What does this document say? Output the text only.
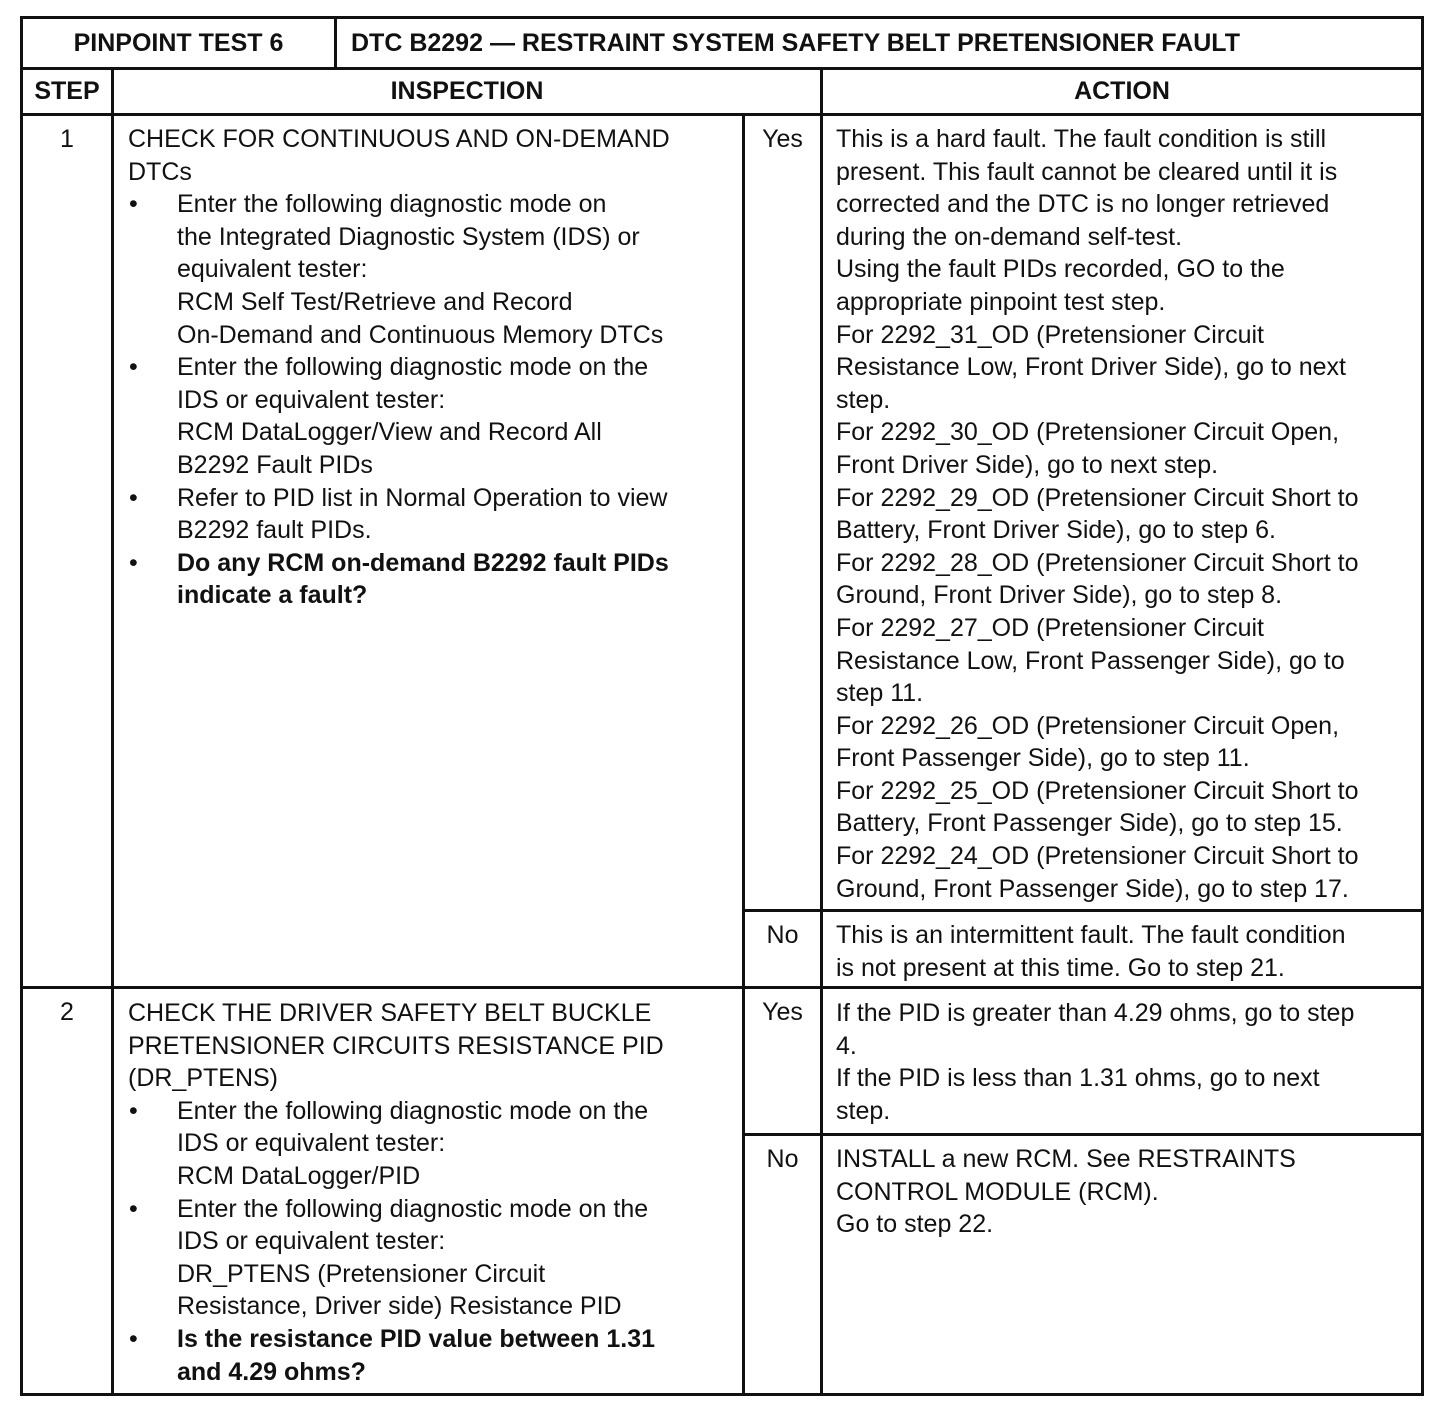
PINPOINT TEST 6	DTC B2292 — RESTRAINT SYSTEM SAFETY BELT PRETENSIONER FAULT
STEP	INSPECTION	ACTION
1	CHECK FOR CONTINUOUS AND ON-DEMAND
DTCs
• Enter the following diagnostic mode on
the Integrated Diagnostic System (IDS) or
equivalent tester:
RCM Self Test/Retrieve and Record
On-Demand and Continuous Memory DTCs
• Enter the following diagnostic mode on the
IDS or equivalent tester:
RCM DataLogger/View and Record All
B2292 Fault PIDs
• Refer to PID list in Normal Operation to view
B2292 fault PIDs.
• Do any RCM on-demand B2292 fault PIDs
indicate a fault?
Yes	This is a hard fault. The fault condition is still
present. This fault cannot be cleared until it is
corrected and the DTC is no longer retrieved
during the on-demand self-test.
Using the fault PIDs recorded, GO to the
appropriate pinpoint test step.
For 2292_31_OD (Pretensioner Circuit
Resistance Low, Front Driver Side), go to next
step.
For 2292_30_OD (Pretensioner Circuit Open,
Front Driver Side), go to next step.
For 2292_29_OD (Pretensioner Circuit Short to
Battery, Front Driver Side), go to step 6.
For 2292_28_OD (Pretensioner Circuit Short to
Ground, Front Driver Side), go to step 8.
For 2292_27_OD (Pretensioner Circuit
Resistance Low, Front Passenger Side), go to
step 11.
For 2292_26_OD (Pretensioner Circuit Open,
Front Passenger Side), go to step 11.
For 2292_25_OD (Pretensioner Circuit Short to
Battery, Front Passenger Side), go to step 15.
For 2292_24_OD (Pretensioner Circuit Short to
Ground, Front Passenger Side), go to step 17.
No	This is an intermittent fault. The fault condition
is not present at this time. Go to step 21.
2	CHECK THE DRIVER SAFETY BELT BUCKLE
PRETENSIONER CIRCUITS RESISTANCE PID
(DR_PTENS)
• Enter the following diagnostic mode on the
IDS or equivalent tester:
RCM DataLogger/PID
• Enter the following diagnostic mode on the
IDS or equivalent tester:
DR_PTENS (Pretensioner Circuit
Resistance, Driver side) Resistance PID
• Is the resistance PID value between 1.31
and 4.29 ohms?
Yes	If the PID is greater than 4.29 ohms, go to step
4.
If the PID is less than 1.31 ohms, go to next
step.
No	INSTALL a new RCM. See RESTRAINTS
CONTROL MODULE (RCM).
Go to step 22.
